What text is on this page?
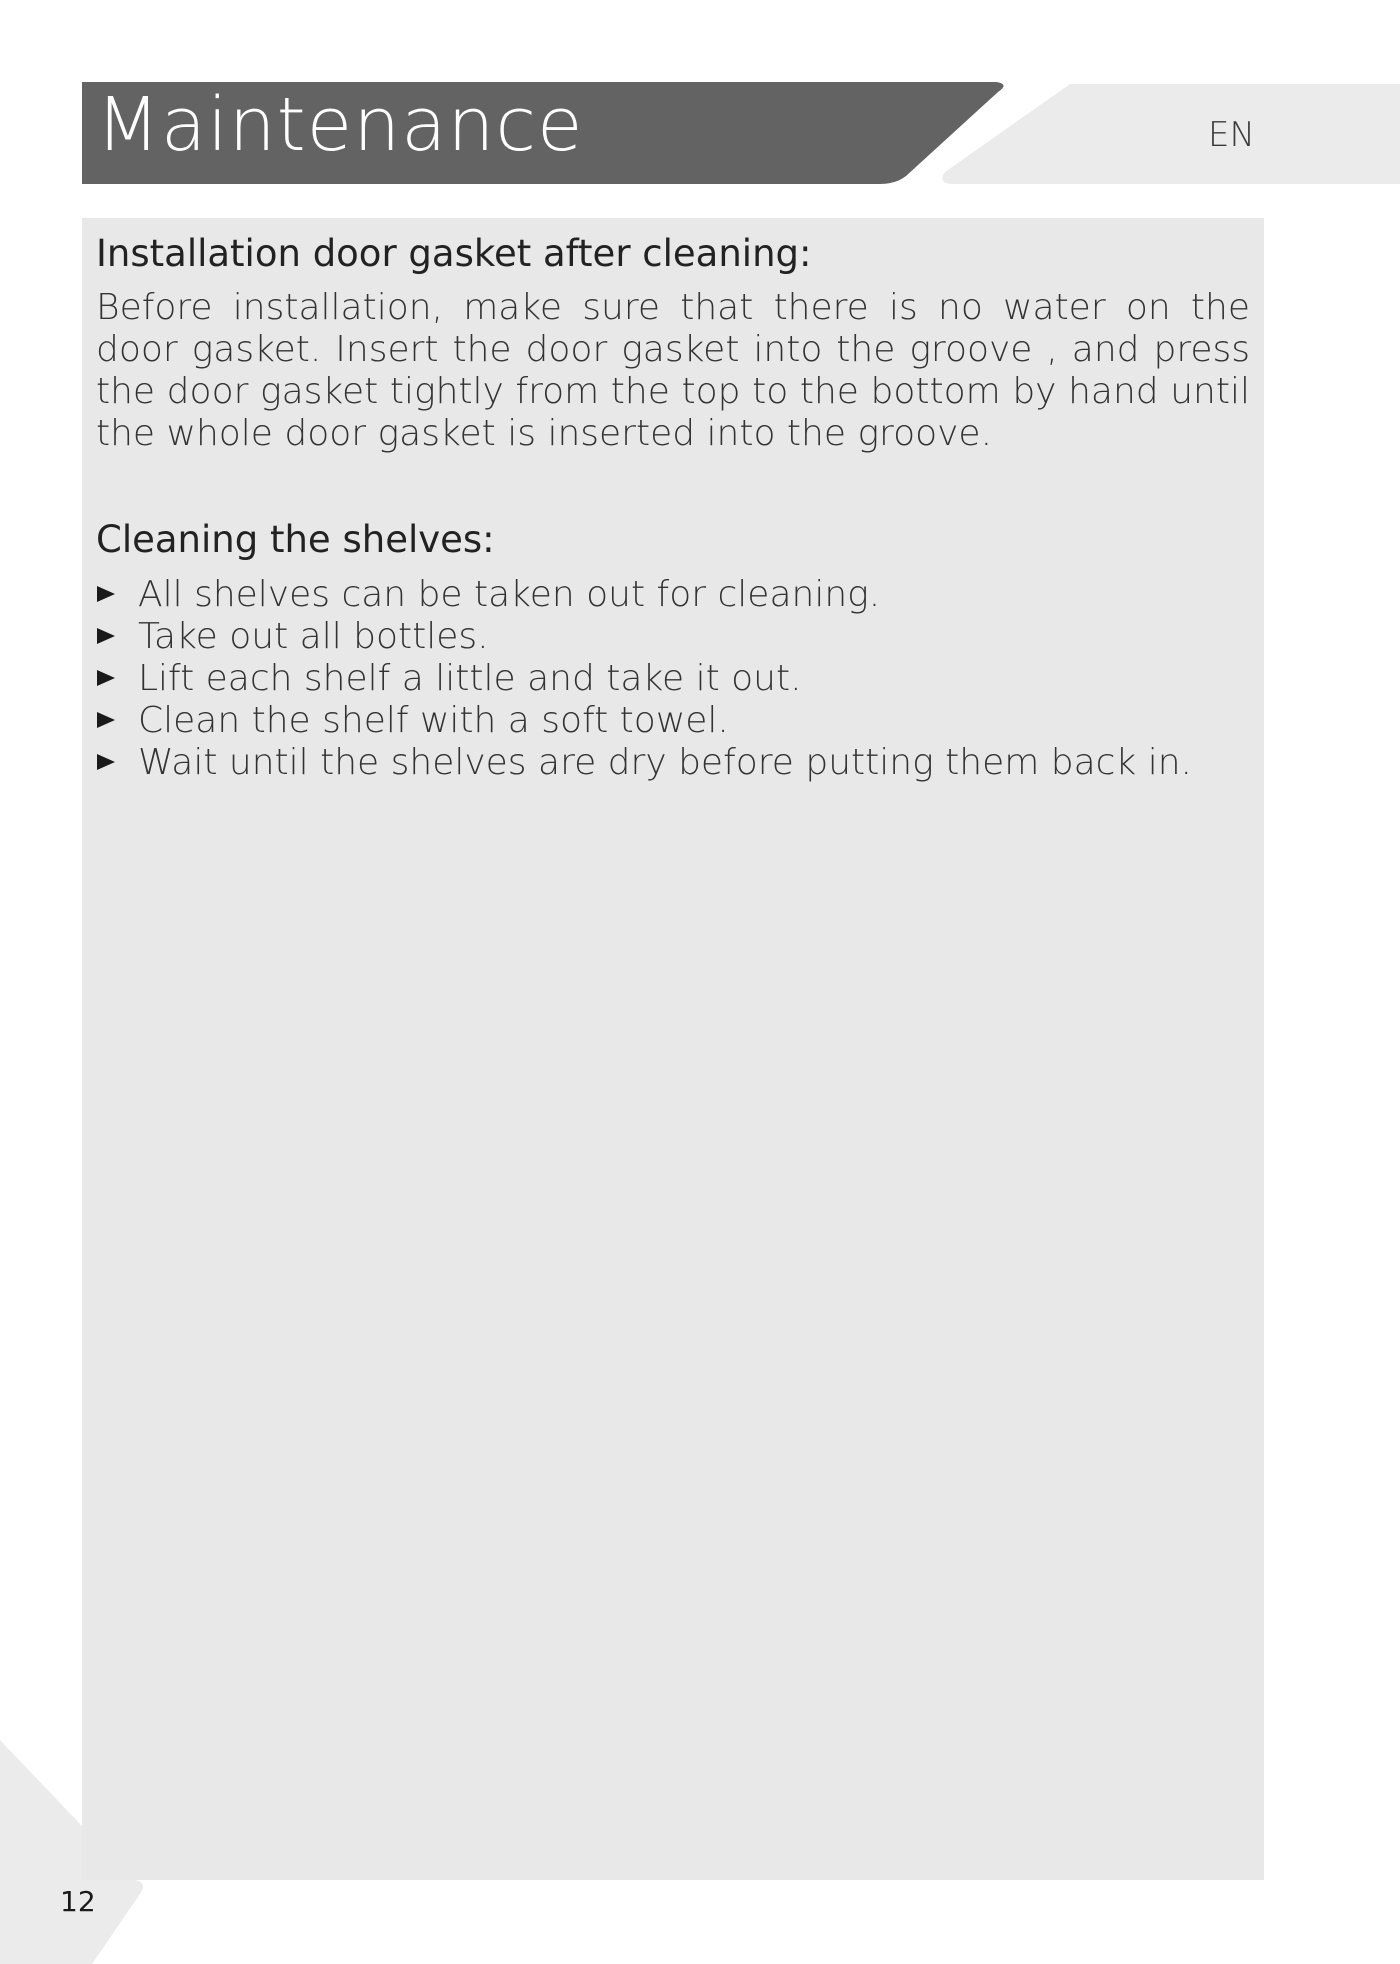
Maintenance	EN
Installation door gasket after cleaning:

Before installation, make sure that there is no water on the door gasket. Insert the door gasket into the groove , and press the door gasket tightly from the top to the bottom by hand until the whole door gasket is inserted into the groove.

Cleaning the shelves:
All shelves can be taken out for cleaning.
Take out all bottles.
Lift each shelf a little and take it out.
Clean the shelf with a soft towel.
Wait until the shelves are dry before putting them back in.
12
